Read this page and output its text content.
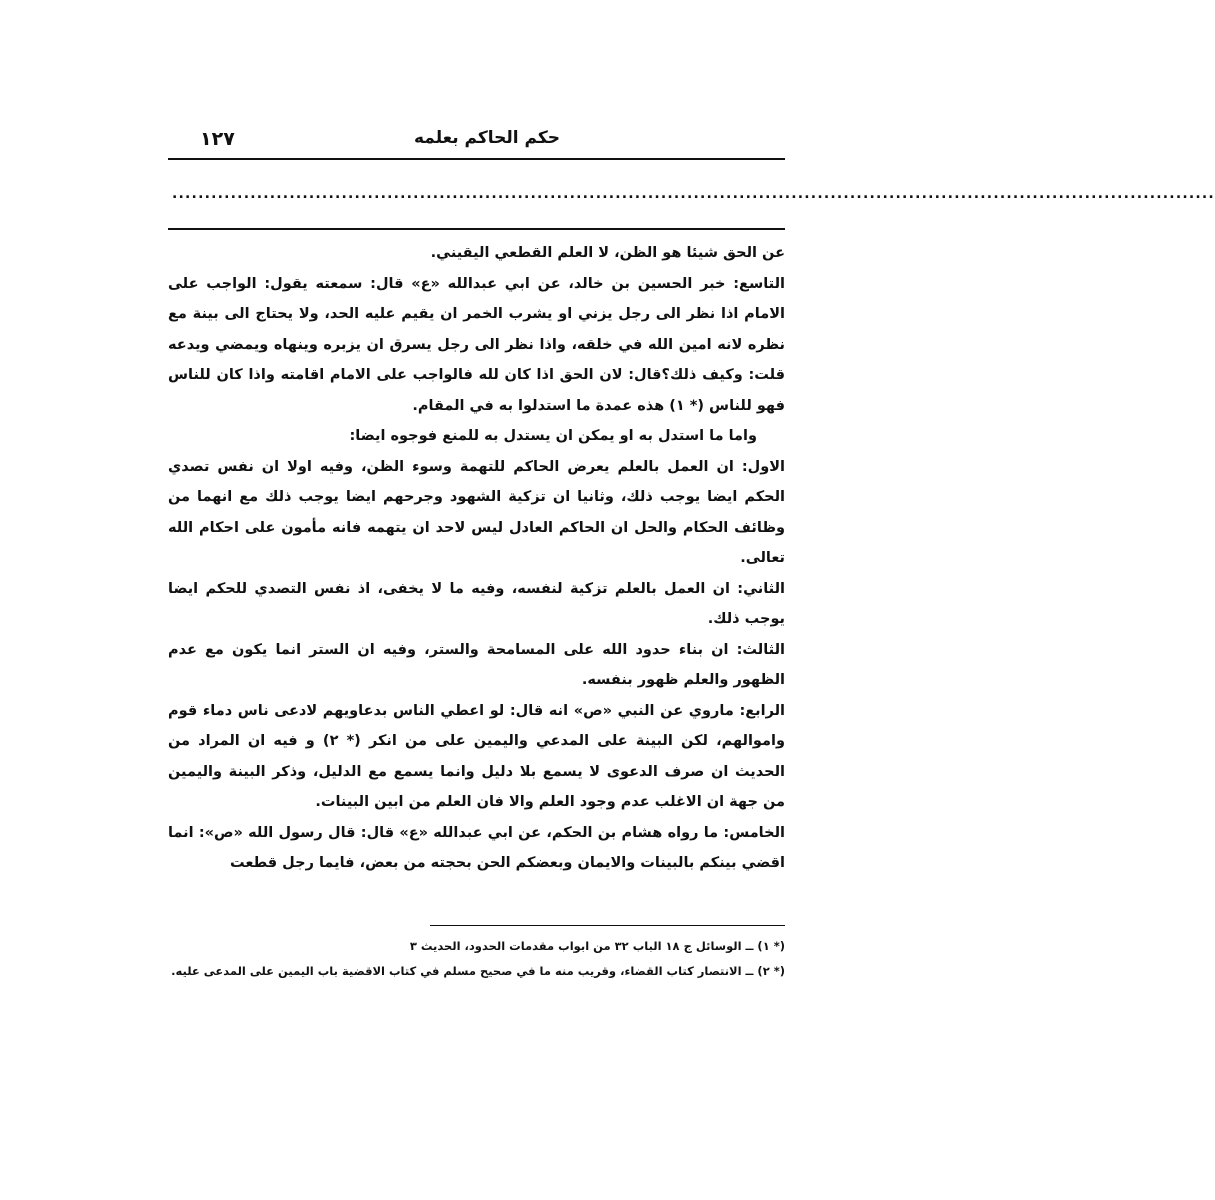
حكم الحاكم بعلمه
١٢٧
................................................................................................................................................................

عن الحق شيئا هو الظن، لا العلم القطعي اليقيني.

التاسع: خبر الحسين بن خالد، عن ابي عبدالله «ع» قال: سمعته يقول: الواجب على الامام اذا نظر الى رجل يزني او يشرب الخمر ان يقيم عليه الحد، ولا يحتاج الى بينة مع نظره لانه امين الله في خلقه، واذا نظر الى رجل يسرق ان يزبره وينهاه ويمضي ويدعه قلت: وكيف ذلك؟قال: لان الحق اذا كان لله فالواجب على الامام اقامته واذا كان للناس فهو للناس (* ١) هذه عمدة ما استدلوا به في المقام.

واما ما استدل به او يمكن ان يستدل به للمنع فوجوه ايضا:

الاول: ان العمل بالعلم يعرض الحاكم للتهمة وسوء الظن، وفيه اولا ان نفس تصدي الحكم ايضا يوجب ذلك، وثانيا ان تزكية الشهود وجرحهم ايضا يوجب ذلك مع انهما من وظائف الحكام والحل ان الحاكم العادل ليس لاحد ان يتهمه فانه مأمون على احكام الله تعالى.

الثاني: ان العمل بالعلم تزكية لنفسه، وفيه ما لا يخفى، اذ نفس التصدي للحكم ايضا يوجب ذلك.

الثالث: ان بناء حدود الله على المسامحة والستر، وفيه ان الستر انما يكون مع عدم الظهور والعلم ظهور بنفسه.

الرابع: ماروي عن النبي «ص» انه قال: لو اعطي الناس بدعاويهم لادعى ناس دماء قوم واموالهم، لكن البينة على المدعي واليمين على من انكر (* ٢) و فيه ان المراد من الحديث ان صرف الدعوى لا يسمع بلا دليل وانما يسمع مع الدليل، وذكر البينة واليمين من جهة ان الاغلب عدم وجود العلم والا فان العلم من ابين البينات.

الخامس: ما رواه هشام بن الحكم، عن ابي عبدالله «ع» قال: قال رسول الله «ص»: انما اقضي بينكم بالبينات والايمان وبعضكم الحن بحجته من بعض، فايما رجل قطعت

(* ١) ــ الوسائل ج ١٨ الباب ٣٢ من ابواب مقدمات الحدود، الحديث ٣

(* ٢) ــ الانتصار كتاب القضاء، وقريب منه ما في صحيح مسلم في كتاب الاقضية باب اليمين على المدعى عليه.
